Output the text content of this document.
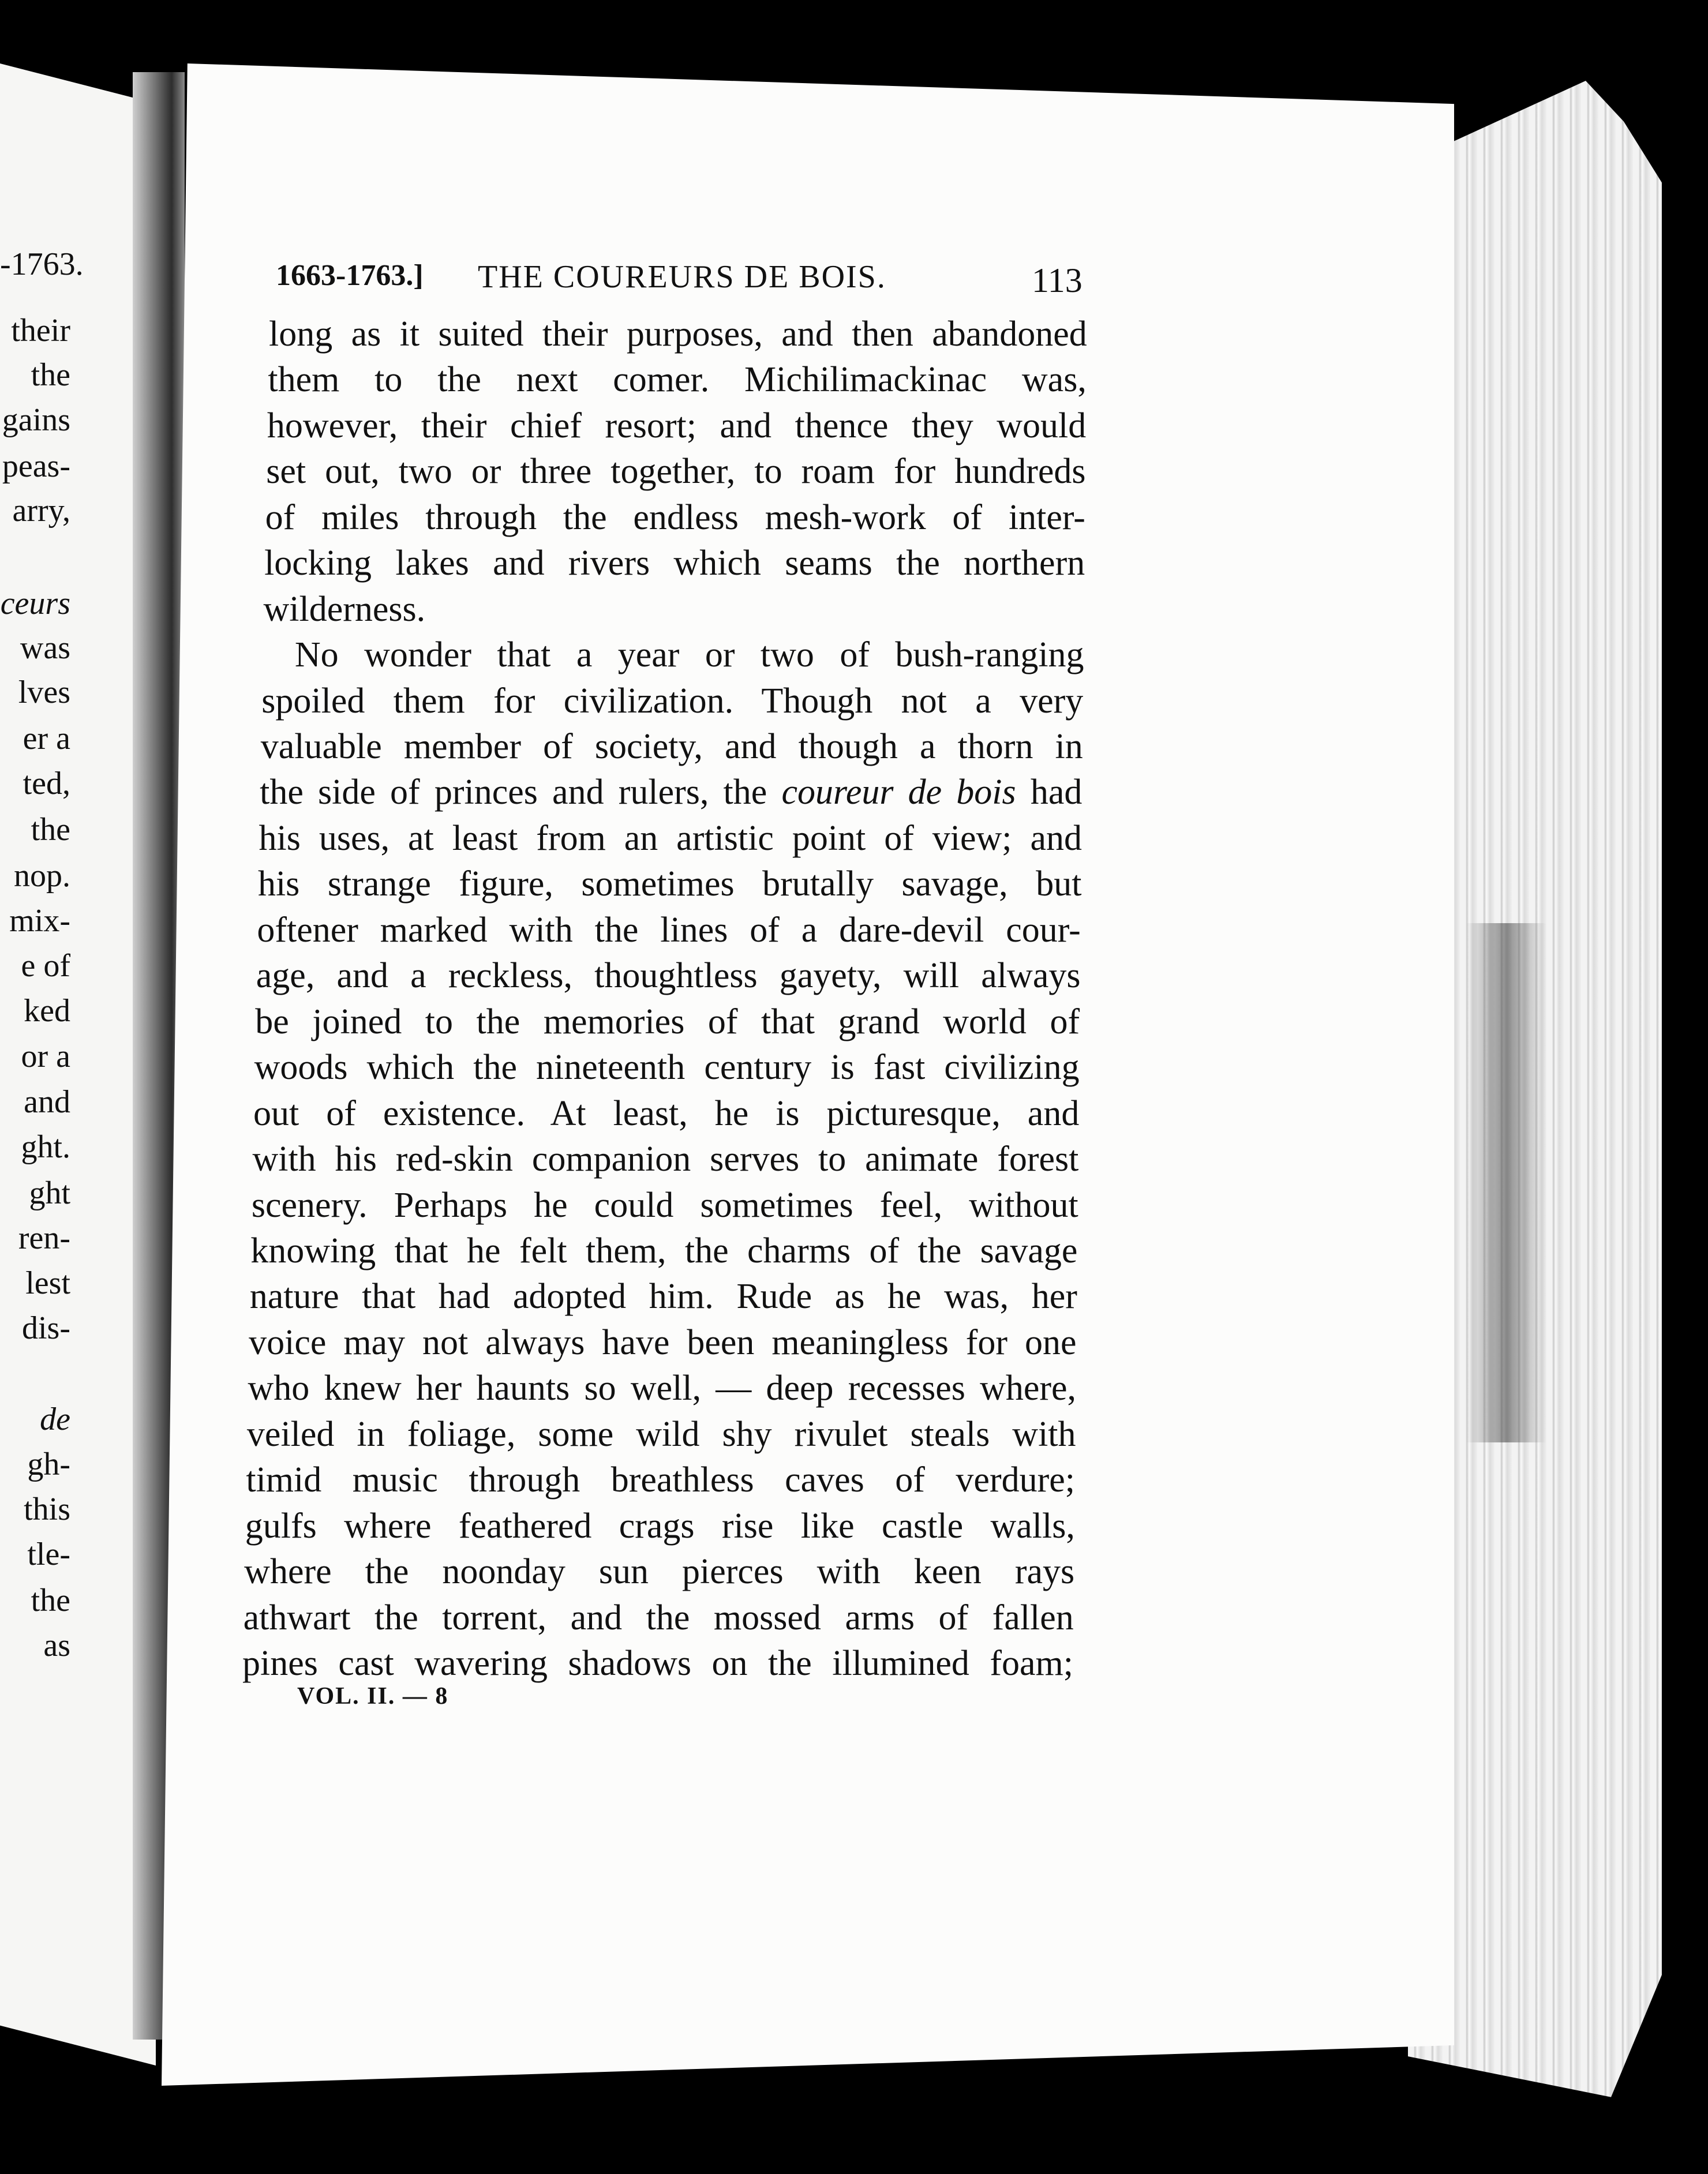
-1763.
their
the
gains
peas-
arry,
ceurs
was
lves
er a
ted,
the
nop.
mix-
e of
ked
or a
and
ght.
ght
ren-
lest
dis-
de
gh-
this
tle-
the
as
1663-1763.] THE COUREURS DE BOIS.	113
long as it suited their purposes, and then abandoned
them to the next comer. Michilimackinac was,
however, their chief resort; and thence they would
set out, two or three together, to roam for hundreds
of miles through the endless mesh-work of inter-
locking lakes and rivers which seams the northern
wilderness.
No wonder that a year or two of bush-ranging
spoiled them for civilization. Though not a very
valuable member of society, and though a thorn in
the side of princes and rulers, the coureur de bois had
his uses, at least from an artistic point of view; and
his strange figure, sometimes brutally savage, but
oftener marked with the lines of a dare-devil cour-
age, and a reckless, thoughtless gayety, will always
be joined to the memories of that grand world of
woods which the nineteenth century is fast civilizing
out of existence. At least, he is picturesque, and
with his red-skin companion serves to animate forest
scenery. Perhaps he could sometimes feel, without
knowing that he felt them, the charms of the savage
nature that had adopted him. Rude as he was, her
voice may not always have been meaningless for one
who knew her haunts so well, — deep recesses where,
veiled in foliage, some wild shy rivulet steals with
timid music through breathless caves of verdure;
gulfs where feathered crags rise like castle walls,
where the noonday sun pierces with keen rays
athwart the torrent, and the mossed arms of fallen
pines cast wavering shadows on the illumined foam;
VOL. II. — 8
